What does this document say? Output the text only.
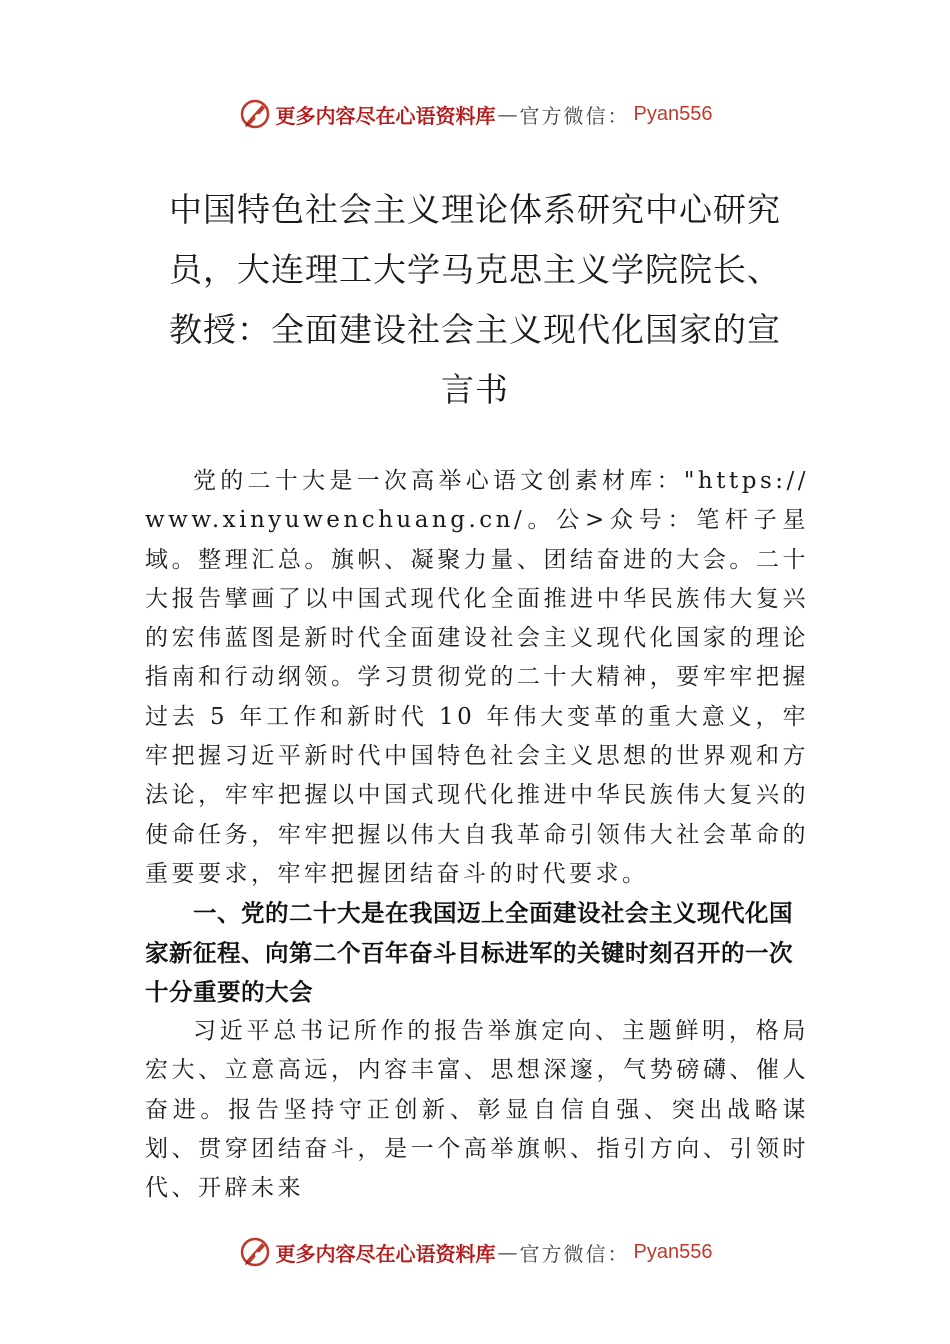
更多内容尽在心语资料库 — 官方微信： Pyan556
中国特色社会主义理论体系研究中心研究员，大连理工大学马克思主义学院院长、教授：全面建设社会主义现代化国家的宣言书

党的二十大是一次高举心语文创素材库："https://www.xinyuwenchuang.cn/。公>众号：笔杆子星域。整理汇总。旗帜、凝聚力量、团结奋进的大会。二十大报告擘画了以中国式现代化全面推进中华民族伟大复兴的宏伟蓝图是新时代全面建设社会主义现代化国家的理论指南和行动纲领。学习贯彻党的二十大精神，要牢牢把握过去 5 年工作和新时代 10 年伟大变革的重大意义，牢牢把握习近平新时代中国特色社会主义思想的世界观和方 法论，牢牢把握以中国式现代化推进中华民族伟大复兴的使命任务，牢牢把握以伟大自我革命引领伟大社会革命的重要要求，牢牢把握团结奋斗的时代要求。

一、党的二十大是在我国迈上全面建设社会主义现代化国家新征程、向第二个百年奋斗目标进军的关键时刻召开的一次十分重要的大会

习近平总书记所作的报告举旗定向、主题鲜明，格局宏大、立意高远，内容丰富、思想深邃，气势磅礴、催人奋进。报告坚持守正创新、彰显自信自强、突出战略谋划、贯穿团结奋斗，是一个高举旗帜、指引方向、引领时代、开辟未来

更多内容尽在心语资料库 — 官方微信： Pyan556
